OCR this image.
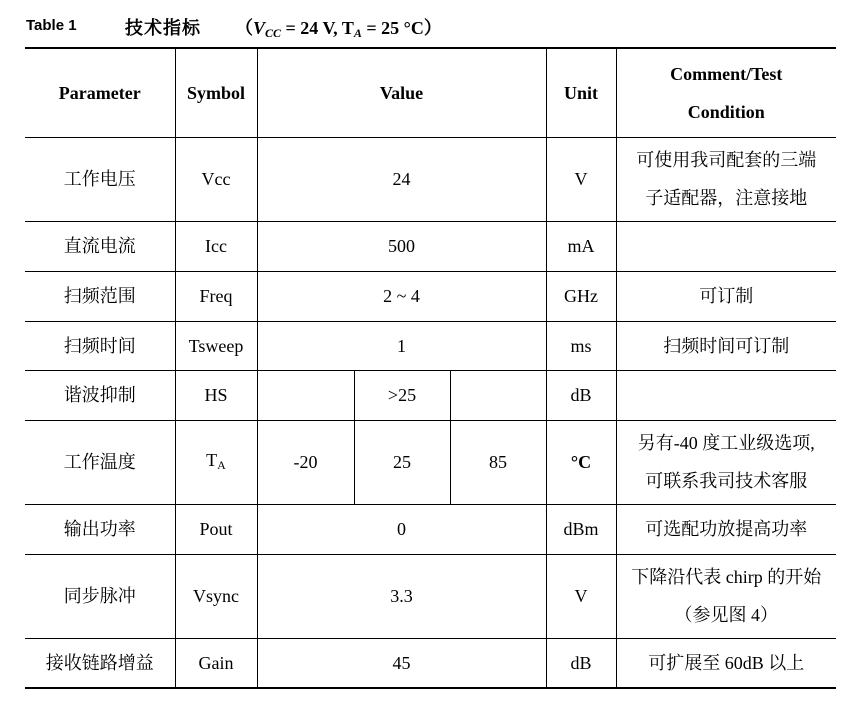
Table 1	技术指标 （$V_{CC} = 24$ V, $T_A = 25$ °C）
Parameter	Symbol	Value			Unit	Comment/Test
Condition

工作电压	Vcc	24			V	可使用我司配套的三端
子适配器，注意接地

直流电流	Icc	500			mA	
扫频范围	Freq	2 ~ 4			GHz	可订制

扫频时间	Tsweep	1			ms	扫频时间可订制

谐波抑制	HS		>25		dB	
工作温度	$T_A$	-20	25	85	°C	另有-40 度工业级选项,
可联系我司技术客服

输出功率	Pout	0			dBm	可选配功放提高功率

同步脉冲	Vsync	3.3			V	下降沿代表 chirp 的开始
（参见图 4）

接收链路增益	Gain	45			dB	可扩展至 60dB 以上
